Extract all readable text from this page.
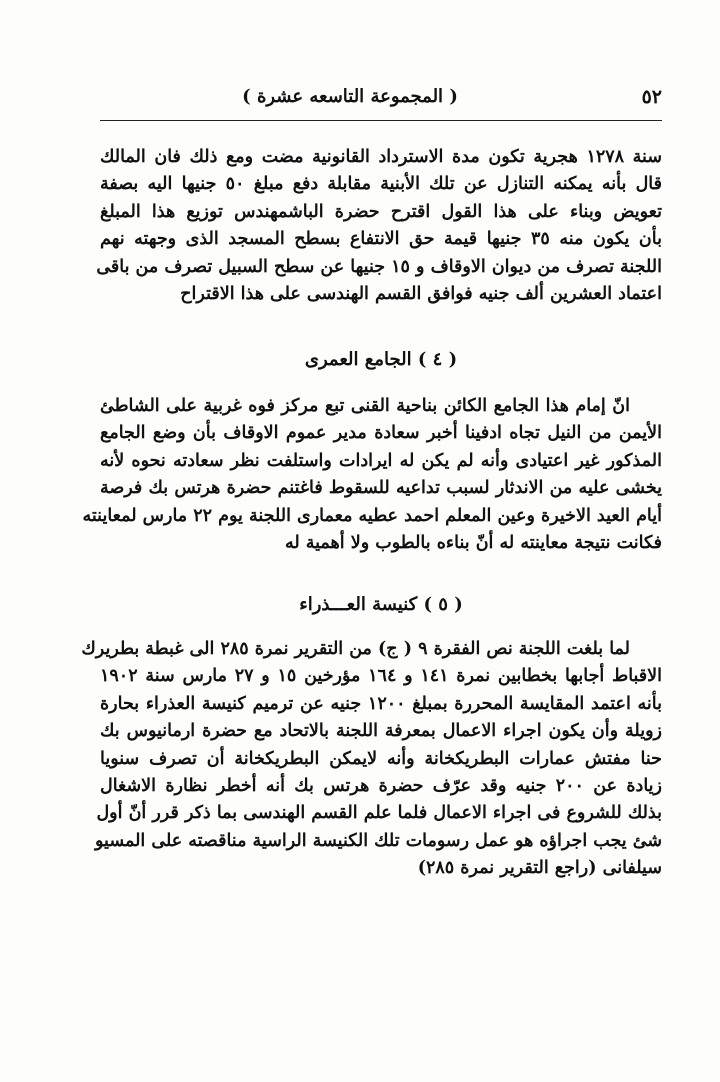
٥٢
( المجموعة التاسعه عشرة )
سنة ١٢٧٨ هجرية تكون مدة الاسترداد القانونية مضت ومع ذلك فان المالك
قال بأنه يمكنه التنازل عن تلك الأبنية مقابلة دفع مبلغ ٥٠ جنيها اليه بصفة
تعويض وبناء على هذا القول اقترح حضرة الباشمهندس توزيع هذا المبلغ
بأن يكون منه ٣٥ جنيها قيمة حق الانتفاع بسطح المسجد الذى وجهته نهم
اللجنة تصرف من ديوان الاوقاف و ١٥ جنيها عن سطح السبيل تصرف من باقى
اعتماد العشرين ألف جنيه فوافق القسم الهندسى على هذا الاقتراح
( ٤ ) الجامع العمرى
انّ إمام هذا الجامع الكائن بناحية القنى تبع مركز فوه غربية على الشاطئ
الأيمن من النيل تجاه ادفينا أخبر سعادة مدير عموم الاوقاف بأن وضع الجامع
المذكور غير اعتيادى وأنه لم يكن له ايرادات واستلفت نظر سعادته نحوه لأنه
يخشى عليه من الاندثار لسبب تداعيه للسقوط فاغتنم حضرة هرتس بك فرصة
أيام العيد الاخيرة وعين المعلم احمد عطيه معمارى اللجنة يوم ٢٢ مارس لمعاينته
فكانت نتيجة معاينته له أنّ بناءه بالطوب ولا أهمية له
( ٥ ) كنيسة العـــذراء
لما بلغت اللجنة نص الفقرة ٩ ( ج) من التقرير نمرة ٢٨٥ الى غبطة بطريرك
الاقباط أجابها بخطابين نمرة ١٤١ و ١٦٤ مؤرخين ١٥ و ٢٧ مارس سنة ١٩٠٢
بأنه اعتمد المقايسة المحررة بمبلغ ١٢٠٠ جنيه عن ترميم كنيسة العذراء بحارة
زويلة وأن يكون اجراء الاعمال بمعرفة اللجنة بالاتحاد مع حضرة ارمانيوس بك
حنا مفتش عمارات البطريكخانة وأنه لايمكن البطريكخانة أن تصرف سنويا
زيادة عن ٢٠٠ جنيه وقد عرّف حضرة هرتس بك أنه أخطر نظارة الاشغال
بذلك للشروع فى اجراء الاعمال فلما علم القسم الهندسى بما ذكر قرر أنّ أول
شئ يجب اجراؤه هو عمل رسومات تلك الكنيسة الراسية مناقصته على المسيو
سيلفانى (راجع التقرير نمرة ٢٨٥)
